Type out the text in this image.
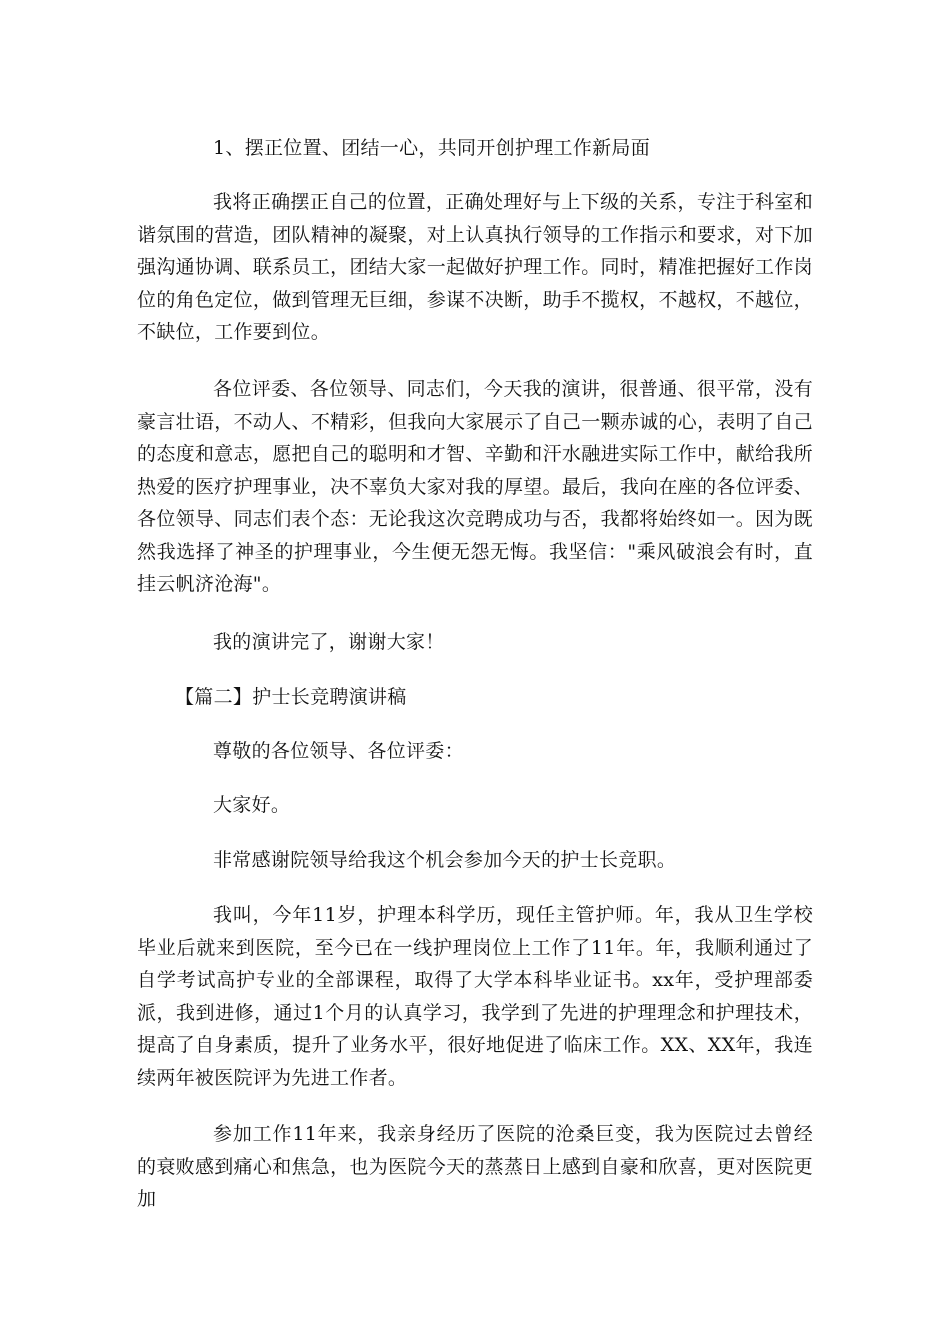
1、摆正位置、团结一心，共同开创护理工作新局面

我将正确摆正自己的位置，正确处理好与上下级的关系，专注于科室和谐氛围的营造，团队精神的凝聚，对上认真执行领导的工作指示和要求，对下加强沟通协调、联系员工，团结大家一起做好护理工作。同时，精准把握好工作岗位的角色定位，做到管理无巨细，参谋不决断，助手不揽权，不越权，不越位，不缺位，工作要到位。

各位评委、各位领导、同志们，今天我的演讲，很普通、很平常，没有豪言壮语，不动人、不精彩，但我向大家展示了自己一颗赤诚的心，表明了自己的态度和意志，愿把自己的聪明和才智、辛勤和汗水融进实际工作中，献给我所热爱的医疗护理事业，决不辜负大家对我的厚望。最后，我向在座的各位评委、各位领导、同志们表个态：无论我这次竞聘成功与否，我都将始终如一。因为既然我选择了神圣的护理事业，今生便无怨无悔。我坚信："乘风破浪会有时，直挂云帆济沧海"。

我的演讲完了，谢谢大家！

【篇二】护士长竞聘演讲稿

尊敬的各位领导、各位评委：

大家好。

非常感谢院领导给我这个机会参加今天的护士长竞职。

我叫，今年11岁，护理本科学历，现任主管护师。年，我从卫生学校毕业后就来到医院，至今已在一线护理岗位上工作了11年。年，我顺利通过了自学考试高护专业的全部课程，取得了大学本科毕业证书。xx年，受护理部委派，我到进修，通过1个月的认真学习，我学到了先进的护理理念和护理技术，提高了自身素质，提升了业务水平，很好地促进了临床工作。XX、XX年，我连续两年被医院评为先进工作者。

参加工作11年来，我亲身经历了医院的沧桑巨变，我为医院过去曾经的衰败感到痛心和焦急，也为医院今天的蒸蒸日上感到自豪和欣喜，更对医院更加
